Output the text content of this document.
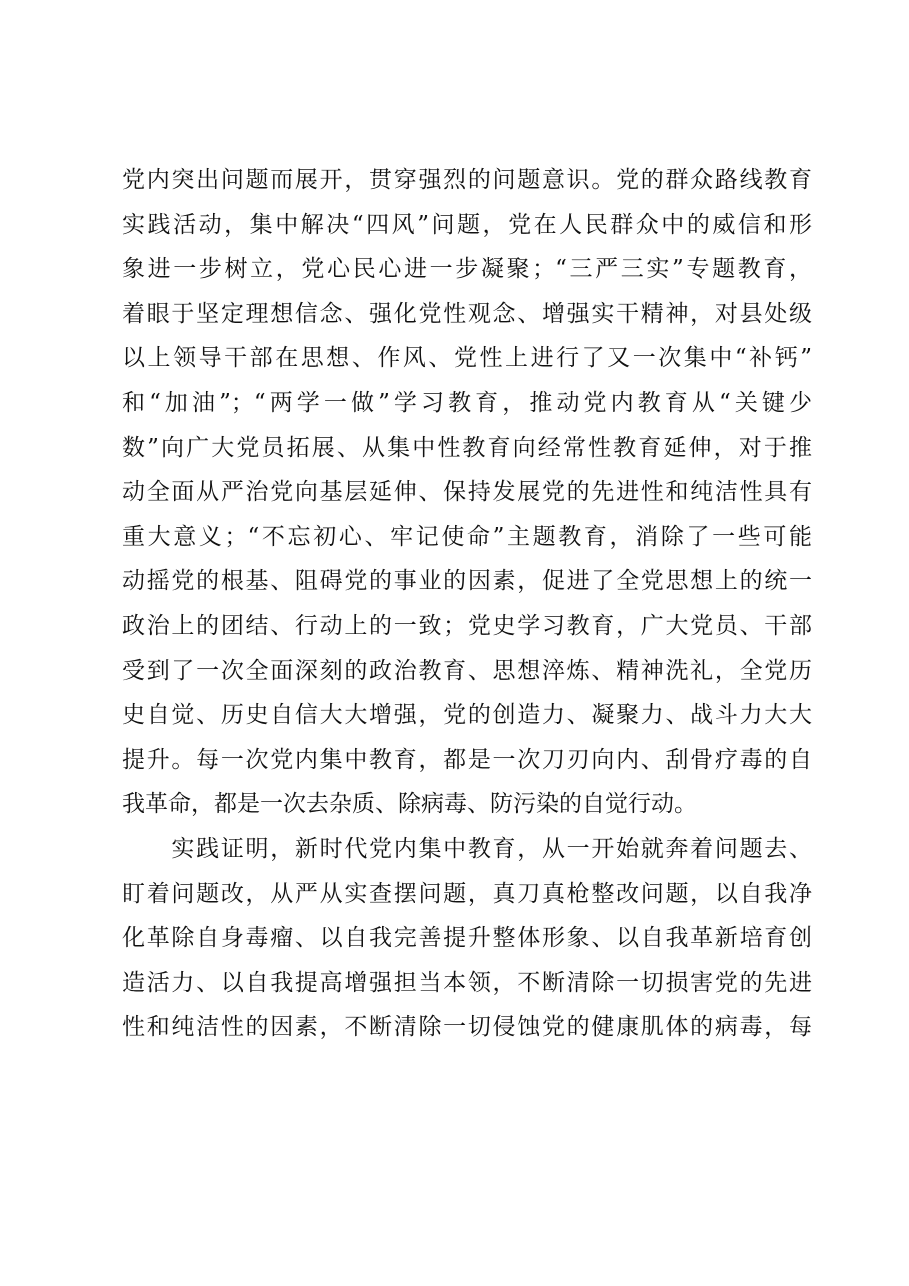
党内突出问题而展开，贯穿强烈的问题意识。党的群众路线教育
实践活动，集中解决“四风”问题，党在人民群众中的威信和形
象进一步树立，党心民心进一步凝聚；“三严三实”专题教育，
着眼于坚定理想信念、强化党性观念、增强实干精神，对县处级
以上领导干部在思想、作风、党性上进行了又一次集中“补钙”
和“加油”；“两学一做”学习教育，推动党内教育从“关键少
数”向广大党员拓展、从集中性教育向经常性教育延伸，对于推
动全面从严治党向基层延伸、保持发展党的先进性和纯洁性具有
重大意义；“不忘初心、牢记使命”主题教育，消除了一些可能
动摇党的根基、阻碍党的事业的因素，促进了全党思想上的统一
政治上的团结、行动上的一致；党史学习教育，广大党员、干部
受到了一次全面深刻的政治教育、思想淬炼、精神洗礼，全党历
史自觉、历史自信大大增强，党的创造力、凝聚力、战斗力大大
提升。每一次党内集中教育，都是一次刀刃向内、刮骨疗毒的自
我革命，都是一次去杂质、除病毒、防污染的自觉行动。
　　实践证明，新时代党内集中教育，从一开始就奔着问题去、
盯着问题改，从严从实查摆问题，真刀真枪整改问题，以自我净
化革除自身毒瘤、以自我完善提升整体形象、以自我革新培育创
造活力、以自我提高增强担当本领，不断清除一切损害党的先进
性和纯洁性的因素，不断清除一切侵蚀党的健康肌体的病毒，每
